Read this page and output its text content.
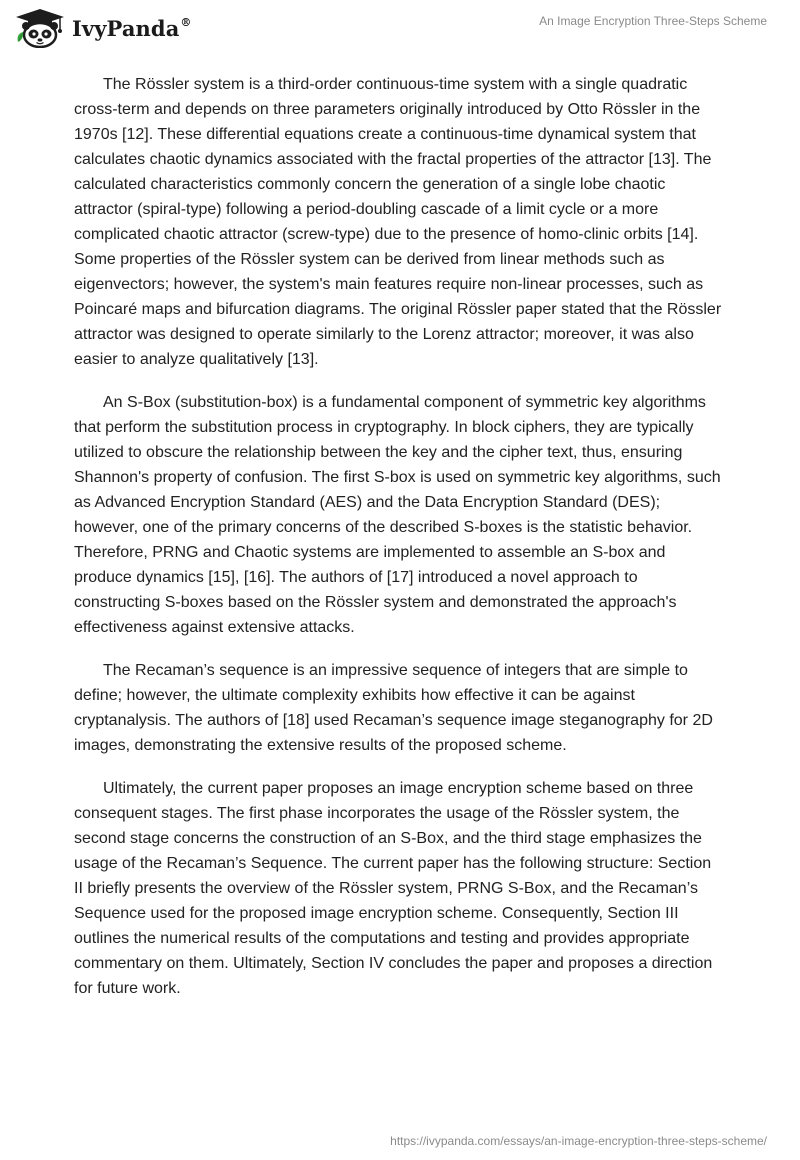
IvyPanda®	An Image Encryption Three-Steps Scheme

The Rössler system is a third-order continuous-time system with a single quadratic cross-term and depends on three parameters originally introduced by Otto Rössler in the 1970s [12]. These differential equations create a continuous-time dynamical system that calculates chaotic dynamics associated with the fractal properties of the attractor [13]. The calculated characteristics commonly concern the generation of a single lobe chaotic attractor (spiral-type) following a period-doubling cascade of a limit cycle or a more complicated chaotic attractor (screw-type) due to the presence of homo-clinic orbits [14]. Some properties of the Rössler system can be derived from linear methods such as eigenvectors; however, the system's main features require non-linear processes, such as Poincaré maps and bifurcation diagrams. The original Rössler paper stated that the Rössler attractor was designed to operate similarly to the Lorenz attractor; moreover, it was also easier to analyze qualitatively [13].

An S-Box (substitution-box) is a fundamental component of symmetric key algorithms that perform the substitution process in cryptography. In block ciphers, they are typically utilized to obscure the relationship between the key and the cipher text, thus, ensuring Shannon's property of confusion. The first S-box is used on symmetric key algorithms, such as Advanced Encryption Standard (AES) and the Data Encryption Standard (DES); however, one of the primary concerns of the described S-boxes is the statistic behavior. Therefore, PRNG and Chaotic systems are implemented to assemble an S-box and produce dynamics [15], [16]. The authors of [17] introduced a novel approach to constructing S-boxes based on the Rössler system and demonstrated the approach's effectiveness against extensive attacks.

The Recaman’s sequence is an impressive sequence of integers that are simple to define; however, the ultimate complexity exhibits how effective it can be against cryptanalysis. The authors of [18] used Recaman’s sequence image steganography for 2D images, demonstrating the extensive results of the proposed scheme.

Ultimately, the current paper proposes an image encryption scheme based on three consequent stages. The first phase incorporates the usage of the Rössler system, the second stage concerns the construction of an S-Box, and the third stage emphasizes the usage of the Recaman’s Sequence. The current paper has the following structure: Section II briefly presents the overview of the Rössler system, PRNG S-Box, and the Recaman’s Sequence used for the proposed image encryption scheme. Consequently, Section III outlines the numerical results of the computations and testing and provides appropriate commentary on them. Ultimately, Section IV concludes the paper and proposes a direction for future work.

https://ivypanda.com/essays/an-image-encryption-three-steps-scheme/
